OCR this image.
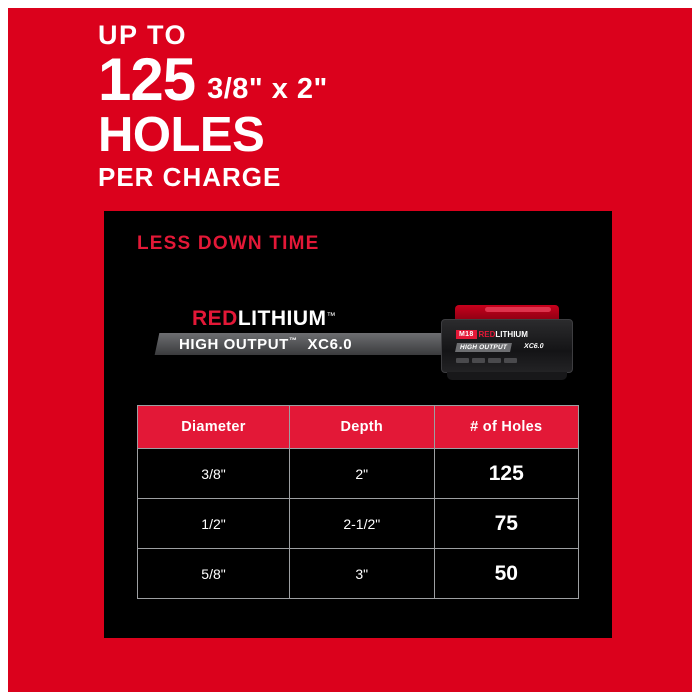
UP TO
125 3/8" x 2"
HOLES
PER CHARGE
LESS DOWN TIME
REDLITHIUM™
HIGH OUTPUT™ XC6.0
M18 RED LITHIUM
HIGH OUTPUT	XC6.0
Diameter	Depth	# of Holes
3/8"	2"	125
1/2"	2-1/2"	75
5/8"	3"	50
